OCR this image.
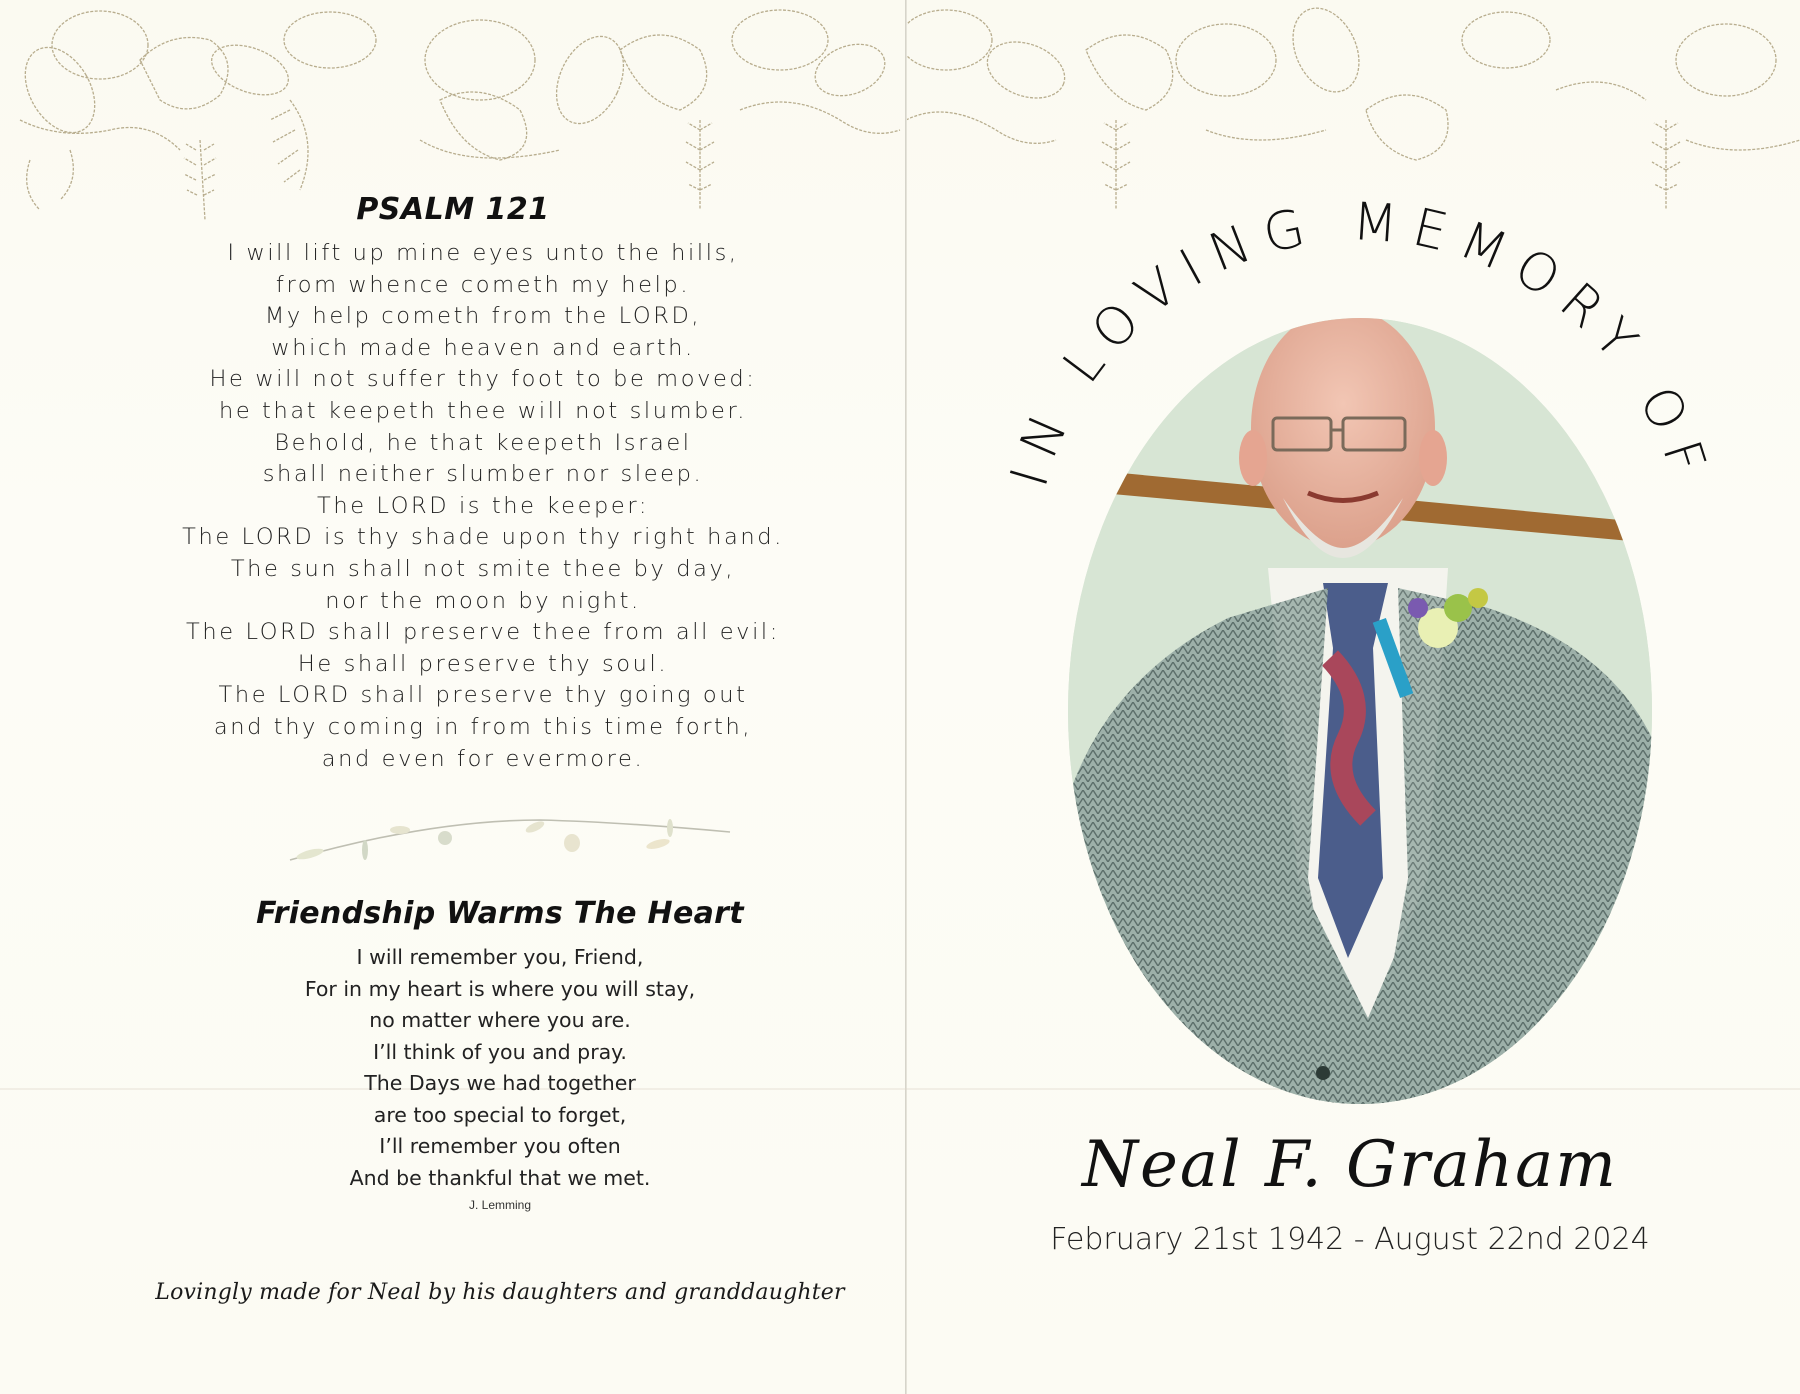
PSALM 121
I will lift up mine eyes unto the hills,
from whence cometh my help.
My help cometh from the LORD,
which made heaven and earth.
He will not suffer thy foot to be moved:
he that keepeth thee will not slumber.
Behold, he that keepeth Israel
shall neither slumber nor sleep.
The LORD is the keeper:
The LORD is thy shade upon thy right hand.
The sun shall not smite thee by day,
nor the moon by night.
The LORD shall preserve thee from all evil:
He shall preserve thy soul.
The LORD shall preserve thy going out
and thy coming in from this time forth,
and even for evermore.
Friendship Warms The Heart
I will remember you, Friend,
For in my heart is where you will stay,
no matter where you are.
I’ll think of you and pray.
The Days we had together
are too special to forget,
I’ll remember you often
And be thankful that we met.
J. Lemming
Lovingly made for Neal by his daughters and granddaughter
IN LOVING MEMORY OF
Neal F. Graham
February 21st 1942 - August 22nd 2024
